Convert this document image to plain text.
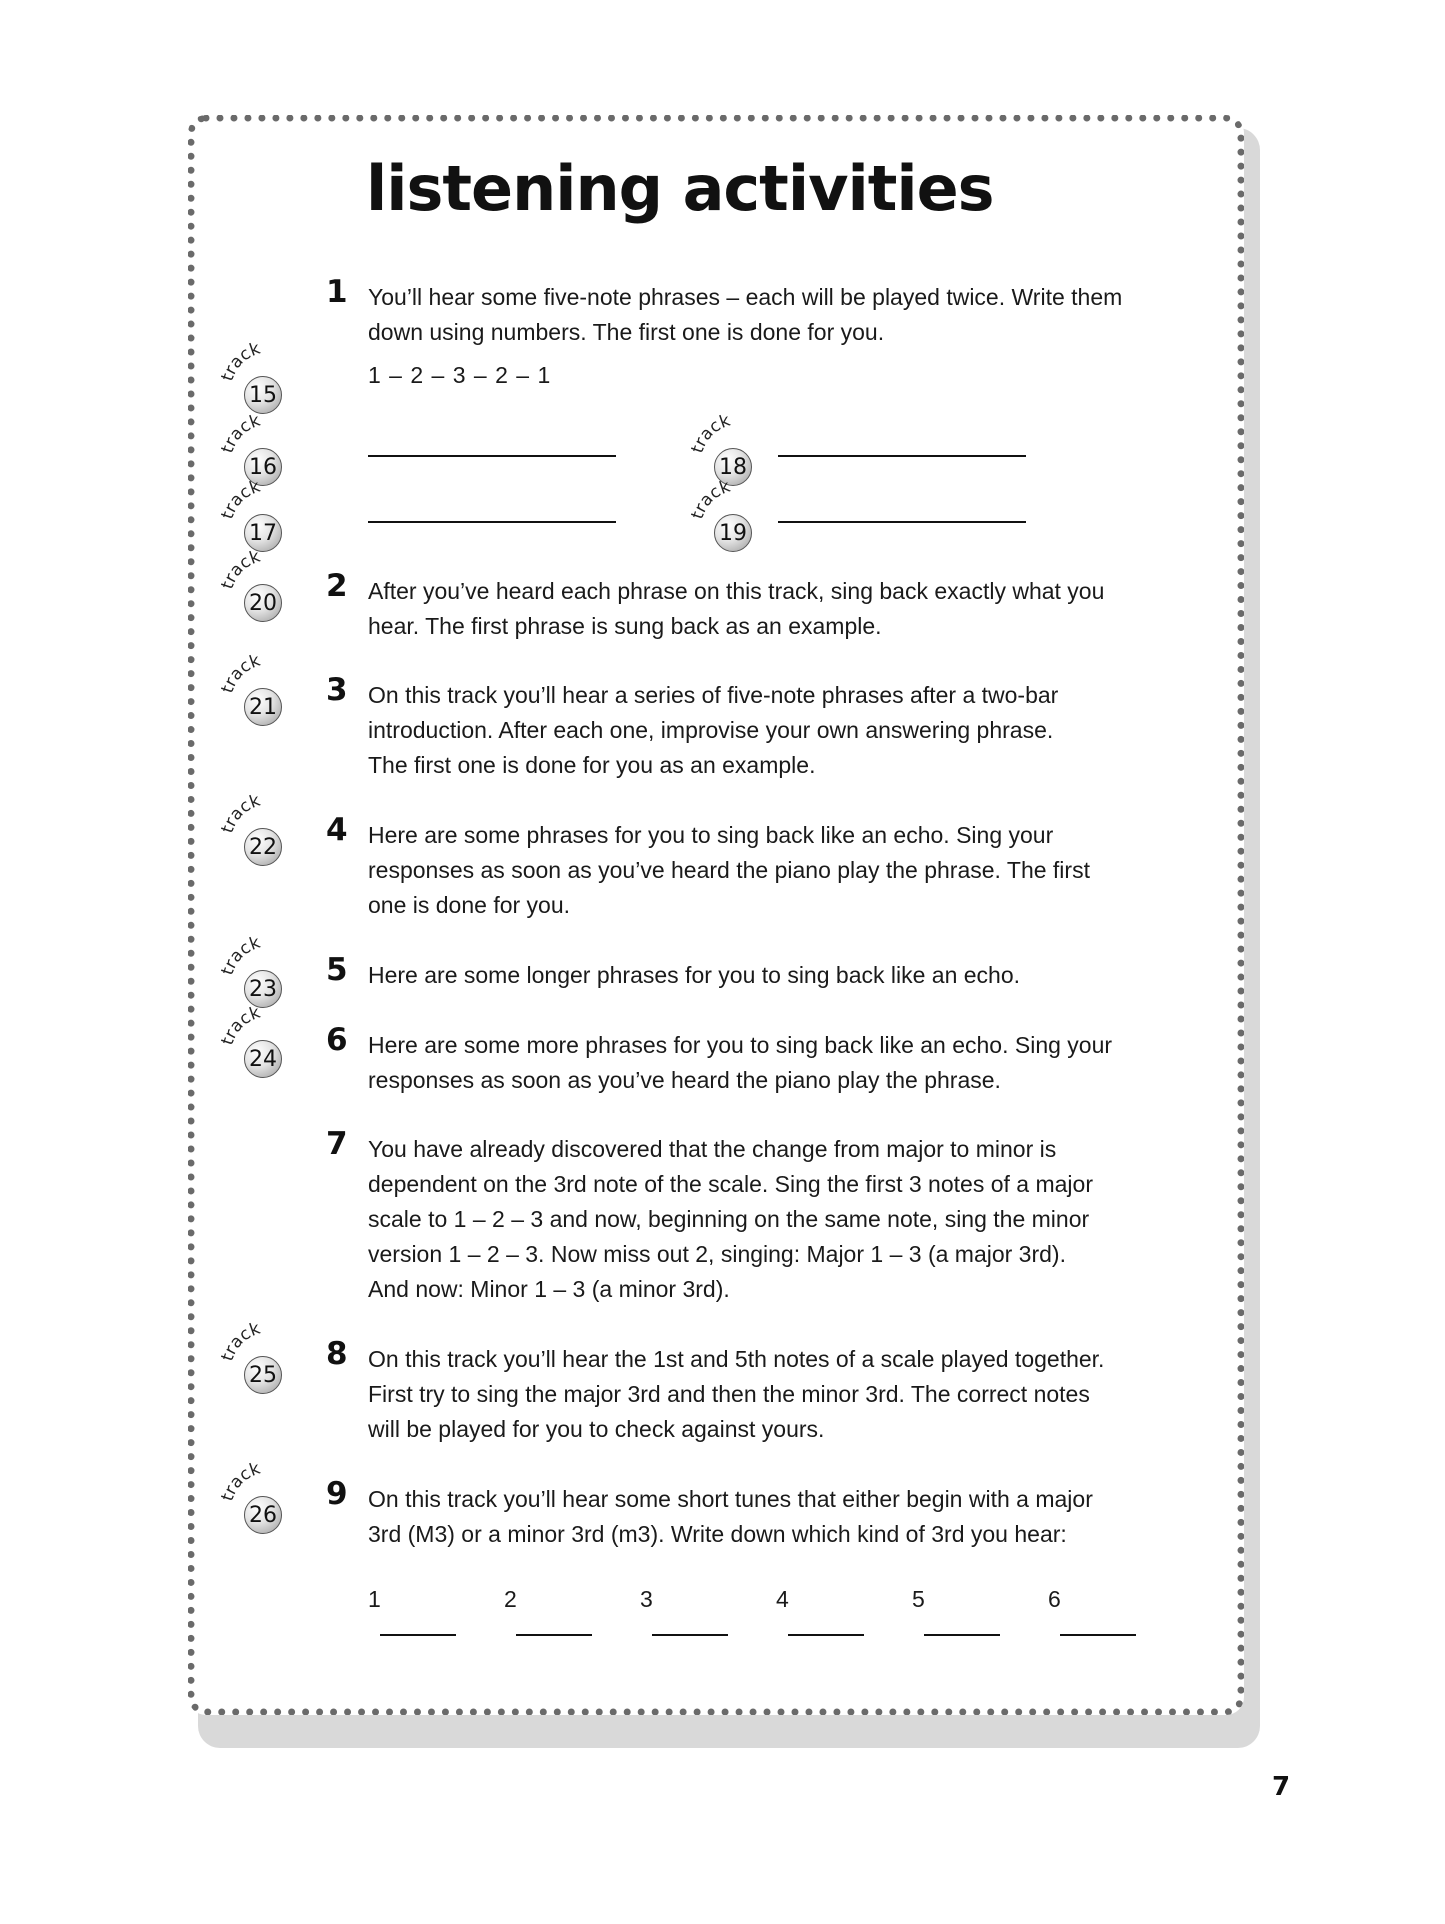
listening activities
track
15
track
16
track
17
track
18
track
19
track
20
track
21
track
22
track
23
track
24
track
25
track
26
1 You’ll hear some five-note phrases – each will be played twice. Write them
down using numbers. The first one is done for you.
1 – 2 – 3 – 2 – 1
2 After you’ve heard each phrase on this track, sing back exactly what you
hear. The first phrase is sung back as an example.
3 On this track you’ll hear a series of five-note phrases after a two-bar
introduction. After each one, improvise your own answering phrase.
The first one is done for you as an example.
4 Here are some phrases for you to sing back like an echo. Sing your
responses as soon as you’ve heard the piano play the phrase. The first
one is done for you.
5 Here are some longer phrases for you to sing back like an echo.
6 Here are some more phrases for you to sing back like an echo. Sing your
responses as soon as you’ve heard the piano play the phrase.
7 You have already discovered that the change from major to minor is
dependent on the 3rd note of the scale. Sing the first 3 notes of a major
scale to 1 – 2 – 3 and now, beginning on the same note, sing the minor
version 1 – 2 – 3. Now miss out 2, singing: Major 1 – 3 (a major 3rd).
And now: Minor 1 – 3 (a minor 3rd).
8 On this track you’ll hear the 1st and 5th notes of a scale played together.
First try to sing the major 3rd and then the minor 3rd. The correct notes
will be played for you to check against yours.
9 On this track you’ll hear some short tunes that either begin with a major
3rd (M3) or a minor 3rd (m3). Write down which kind of 3rd you hear:
1	2	3	4	5	6
7
